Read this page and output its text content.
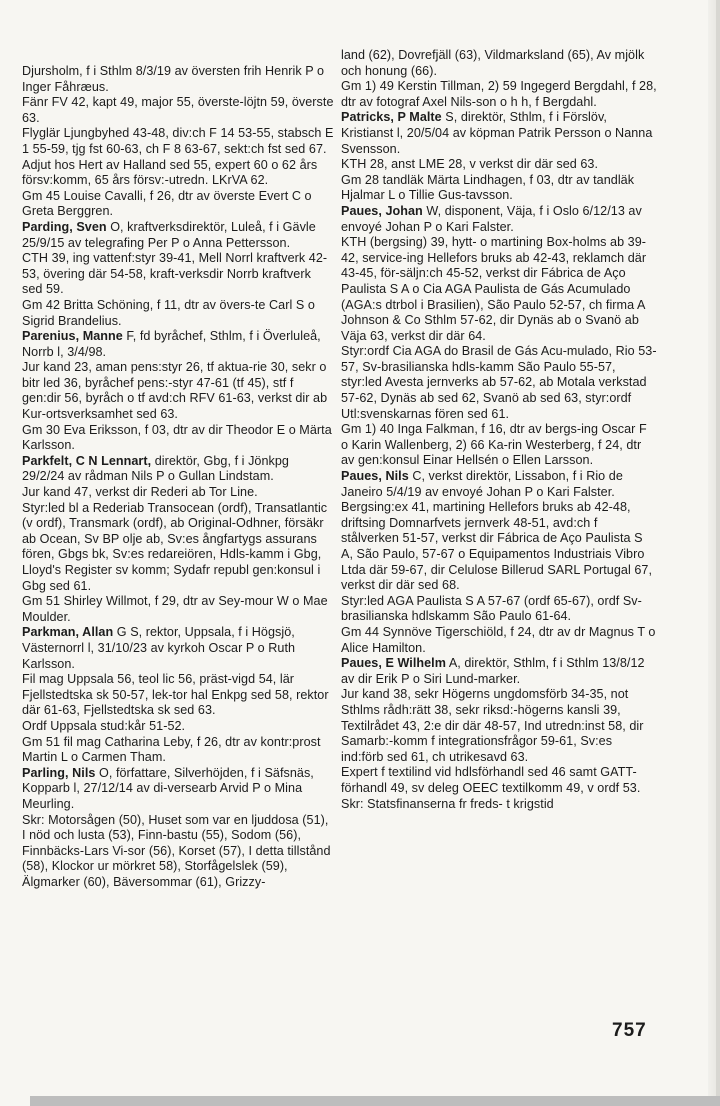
Djursholm, f i Sthlm 8/3/19 av översten frih Henrik P o Inger Fåhræus.

Fänr FV 42, kapt 49, major 55, överste-löjtn 59, överste 63.

Flyglär Ljungbyhed 43-48, div:ch F 14 53-55, stabsch E 1 55-59, tjg fst 60-63, ch F 8 63-67, sekt:ch fst sed 67.

Adjut hos Hert av Halland sed 55, expert 60 o 62 års försv:komm, 65 års försv:-utredn. LKrVA 62.

Gm 45 Louise Cavalli, f 26, dtr av överste Evert C o Greta Berggren.

Parding, Sven O, kraftverksdirektör, Luleå, f i Gävle 25/9/15 av telegrafing Per P o Anna Pettersson.

CTH 39, ing vattenf:styr 39-41, Mell Norrl kraftverk 42-53, övering där 54-58, kraft-verksdir Norrb kraftverk sed 59.

Gm 42 Britta Schöning, f 11, dtr av övers-te Carl S o Sigrid Brandelius.

Parenius, Manne F, fd byråchef, Sthlm, f i Överluleå, Norrb l, 3/4/98.

Jur kand 23, aman pens:styr 26, tf aktua-rie 30, sekr o bitr led 36, byråchef pens:-styr 47-61 (tf 45), stf f gen:dir 56, byråch o tf avd:ch RFV 61-63, verkst dir ab Kur-ortsverksamhet sed 63.

Gm 30 Eva Eriksson, f 03, dtr av dir Theodor E o Märta Karlsson.

Parkfelt, C N Lennart, direktör, Gbg, f i Jönkpg 29/2/24 av rådman Nils P o Gullan Lindstam.

Jur kand 47, verkst dir Rederi ab Tor Line.

Styr:led bl a Rederiab Transocean (ordf), Transatlantic (v ordf), Transmark (ordf), ab Original-Odhner, försäkr ab Ocean, Sv BP olje ab, Sv:es ångfartygs assurans fören, Gbgs bk, Sv:es redareiören, Hdls-kamm i Gbg, Lloyd's Register sv komm; Sydafr republ gen:konsul i Gbg sed 61.

Gm 51 Shirley Willmot, f 29, dtr av Sey-mour W o Mae Moulder.

Parkman, Allan G S, rektor, Uppsala, f i Högsjö, Västernorrl l, 31/10/23 av kyrkoh Oscar P o Ruth Karlsson.

Fil mag Uppsala 56, teol lic 56, präst-vigd 54, lär Fjellstedtska sk 50-57, lek-tor hal Enkpg sed 58, rektor där 61-63, Fjellstedtska sk sed 63.

Ordf Uppsala stud:kår 51-52.

Gm 51 fil mag Catharina Leby, f 26, dtr av kontr:prost Martin L o Carmen Tham.

Parling, Nils O, författare, Silverhöjden, f i Säfsnäs, Kopparb l, 27/12/14 av di-versearb Arvid P o Mina Meurling.

Skr: Motorsågen (50), Huset som var en ljuddosa (51), I nöd och lusta (53), Finn-bastu (55), Sodom (56), Finnbäcks-Lars Vi-sor (56), Korset (57), I detta tillstånd (58), Klockor ur mörkret 58), Storfågelslek (59), Älgmarker (60), Bäversommar (61), Grizzy-

land (62), Dovrefjäll (63), Vildmarksland (65), Av mjölk och honung (66).

Gm 1) 49 Kerstin Tillman, 2) 59 Ingegerd Bergdahl, f 28, dtr av fotograf Axel Nils-son o h h, f Bergdahl.

Patricks, P Malte S, direktör, Sthlm, f i Förslöv, Kristianst l, 20/5/04 av köpman Patrik Persson o Nanna Svensson.

KTH 28, anst LME 28, v verkst dir där sed 63.

Gm 28 tandläk Märta Lindhagen, f 03, dtr av tandläk Hjalmar L o Tillie Gus-tavsson.

Paues, Johan W, disponent, Väja, f i Oslo 6/12/13 av envoyé Johan P o Kari Falster.

KTH (bergsing) 39, hytt- o martining Box-holms ab 39-42, service-ing Hellefors bruks ab 42-43, reklamch där 43-45, för-säljn:ch 45-52, verkst dir Fábrica de Aço Paulista S A o Cia AGA Paulista de Gás Acumulado (AGA:s dtrbol i Brasilien), São Paulo 52-57, ch firma A Johnson & Co Sthlm 57-62, dir Dynäs ab o Svanö ab Väja 63, verkst dir där 64.

Styr:ordf Cia AGA do Brasil de Gás Acu-mulado, Rio 53-57, Sv-brasilianska hdls-kamm São Paulo 55-57, styr:led Avesta jernverks ab 57-62, ab Motala verkstad 57-62, Dynäs ab sed 62, Svanö ab sed 63, styr:ordf Utl:svenskarnas fören sed 61.

Gm 1) 40 Inga Falkman, f 16, dtr av bergs-ing Oscar F o Karin Wallenberg, 2) 66 Ka-rin Westerberg, f 24, dtr av gen:konsul Einar Hellsén o Ellen Larsson.

Paues, Nils C, verkst direktör, Lissabon, f i Rio de Janeiro 5/4/19 av envoyé Johan P o Kari Falster.

Bergsing:ex 41, martining Hellefors bruks ab 42-48, driftsing Domnarfvets jernverk 48-51, avd:ch f stålverken 51-57, verkst dir Fábrica de Aço Paulista S A, São Paulo, 57-67 o Equipamentos Industriais Vibro Ltda där 59-67, dir Celulose Billerud SARL Portugal 67, verkst dir där sed 68.

Styr:led AGA Paulista S A 57-67 (ordf 65-67), ordf Sv-brasilianska hdlskamm São Paulo 61-64.

Gm 44 Synnöve Tigerschiöld, f 24, dtr av dr Magnus T o Alice Hamilton.

Paues, E Wilhelm A, direktör, Sthlm, f i Sthlm 13/8/12 av dir Erik P o Siri Lund-marker.

Jur kand 38, sekr Högerns ungdomsförb 34-35, not Sthlms rådh:rätt 38, sekr riksd:-högerns kansli 39, Textilrådet 43, 2:e dir där 48-57, Ind utredn:inst 58, dir Samarb:-komm f integrationsfrågor 59-61, Sv:es ind:förb sed 61, ch utrikesavd 63.

Expert f textilind vid hdlsförhandl sed 46 samt GATT-förhandl 49, sv deleg OEEC textilkomm 49, v ordf 53.

Skr: Statsfinanserna fr freds- t krigstid

757
